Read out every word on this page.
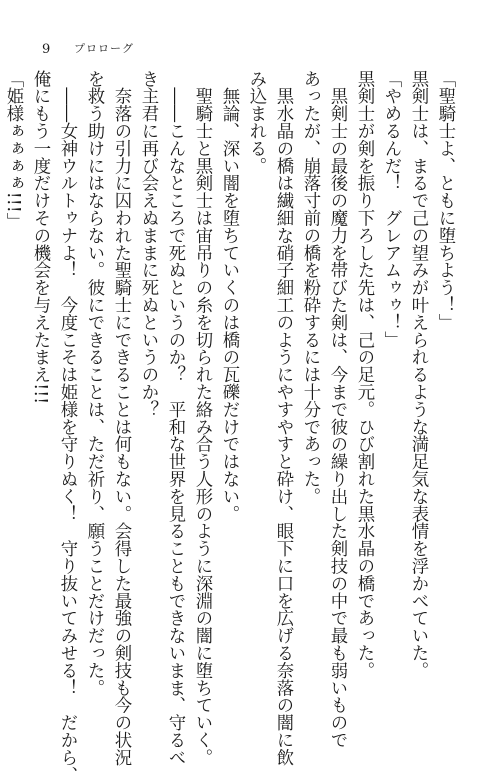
9 プロローグ

「聖騎士よ、ともに堕ちよう！」

黒剣士は、まるで己の望みが叶えられるような満足気な表情を浮かべていた。

「やめるんだ！　グレアムゥゥ！」

黒剣士が剣を振り下ろした先は、己の足元。ひび割れた黒水晶の橋であった。

黒剣士の最後の魔力を帯びた剣は、今まで彼の繰り出した剣技の中で最も弱いもので

あったが、崩落寸前の橋を粉砕するには十分であった。

黒水晶の橋は繊細な硝子細工のようにやすやすと砕け、眼下に口を広げる奈落の闇に飲

み込まれる。

無論、深い闇を堕ちていくのは橋の瓦礫だけではない。

聖騎士と黒剣士は宙吊りの糸を切られた絡み合う人形のように深淵の闇に堕ちていく。

――こんなところで死ぬというのか？　平和な世界を見ることもできないまま、守るべ

き主君に再び会えぬままに死ぬというのか？

奈落の引力に囚われた聖騎士にできることは何もない。会得した最強の剣技も今の状況

を救う助けにはならない。彼にできることは、ただ祈り、願うことだけだった。

――女神ウルトゥナよ！　今度こそは姫様を守りぬく！　守り抜いてみせる！　だから、

俺にもう一度だけその機会を与えたまえ!!!

「姫様ぁぁぁぁ!!!」
